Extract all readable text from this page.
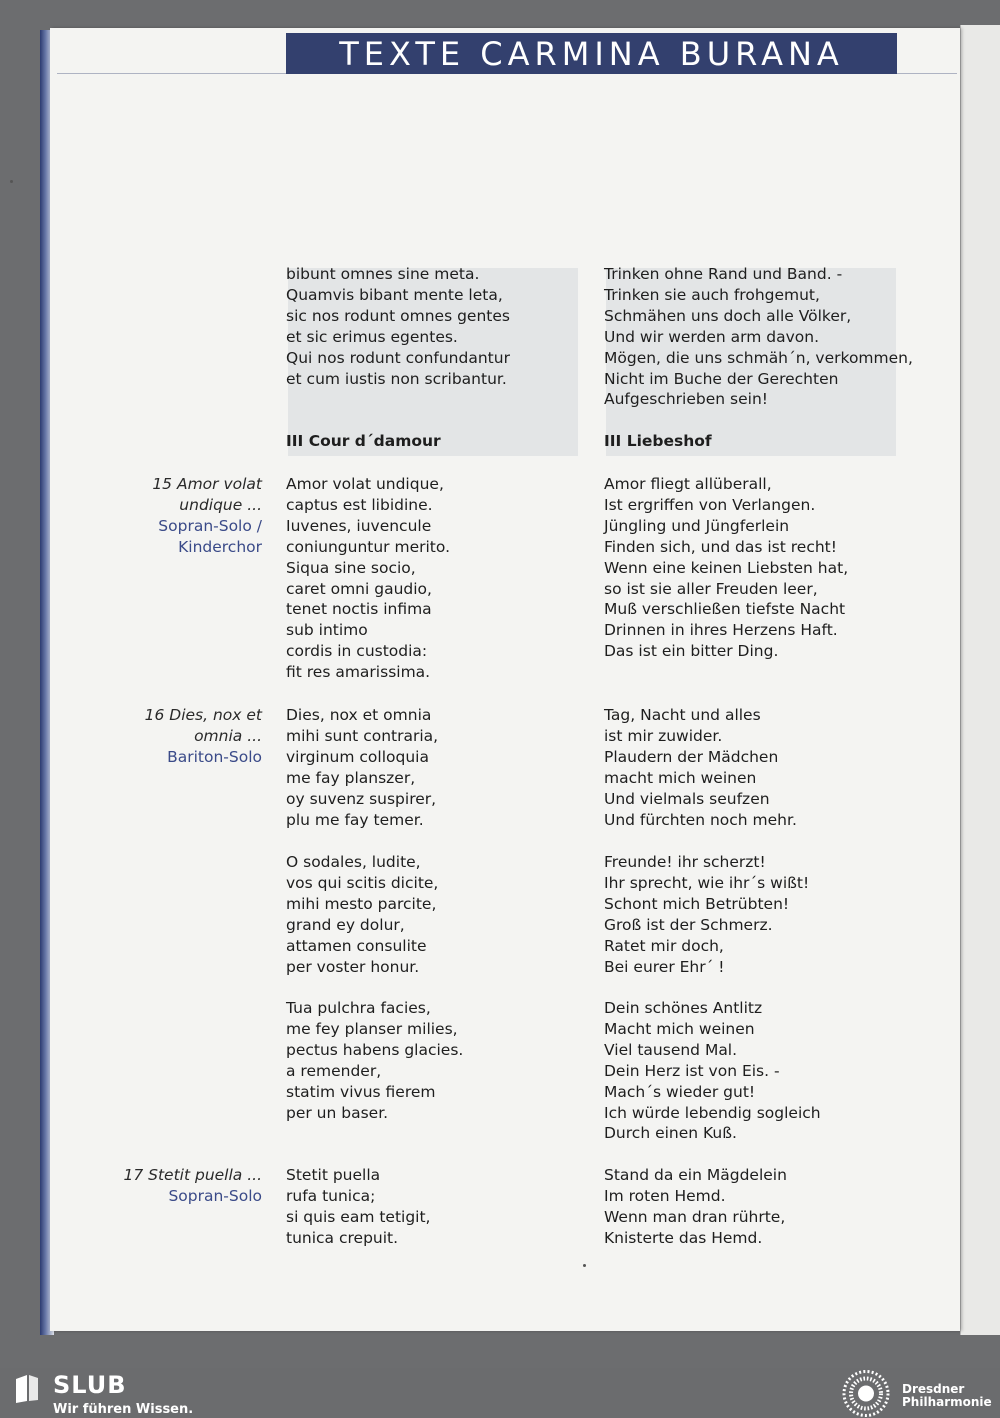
TEXTE CARMINA BURANA
15 Amor volat
undique ...
Sopran-Solo /
Kinderchor
16 Dies, nox et
omnia ...
Bariton-Solo
17 Stetit puella ...
Sopran-Solo
bibunt omnes sine meta.
Quamvis bibant mente leta,
sic nos rodunt omnes gentes
et sic erimus egentes.
Qui nos rodunt confundantur
et cum iustis non scribantur.
III Cour d´damour
Amor volat undique,
captus est libidine.
Iuvenes, iuvencule
coniunguntur merito.
Siqua sine socio,
caret omni gaudio,
tenet noctis infima
sub intimo
cordis in custodia:
fit res amarissima.
Dies, nox et omnia
mihi sunt contraria,
virginum colloquia
me fay planszer,
oy suvenz suspirer,
plu me fay temer.
O sodales, ludite,
vos qui scitis dicite,
mihi mesto parcite,
grand ey dolur,
attamen consulite
per voster honur.
Tua pulchra facies,
me fey planser milies,
pectus habens glacies.
a remender,
statim vivus fierem
per un baser.
Stetit puella
rufa tunica;
si quis eam tetigit,
tunica crepuit.
Trinken ohne Rand und Band. -
Trinken sie auch frohgemut,
Schmähen uns doch alle Völker,
Und wir werden arm davon.
Mögen, die uns schmäh´n, verkommen,
Nicht im Buche der Gerechten
Aufgeschrieben sein!
III Liebeshof
Amor fliegt allüberall,
Ist ergriffen von Verlangen.
Jüngling und Jüngferlein
Finden sich, und das ist recht!
Wenn eine keinen Liebsten hat,
so ist sie aller Freuden leer,
Muß verschließen tiefste Nacht
Drinnen in ihres Herzens Haft.
Das ist ein bitter Ding.
Tag, Nacht und alles
ist mir zuwider.
Plaudern der Mädchen
macht mich weinen
Und vielmals seufzen
Und fürchten noch mehr.
Freunde! ihr scherzt!
Ihr sprecht, wie ihr´s wißt!
Schont mich Betrübten!
Groß ist der Schmerz.
Ratet mir doch,
Bei eurer Ehr´ !
Dein schönes Antlitz
Macht mich weinen
Viel tausend Mal.
Dein Herz ist von Eis. -
Mach´s wieder gut!
Ich würde lebendig sogleich
Durch einen Kuß.
Stand da ein Mägdelein
Im roten Hemd.
Wenn man dran rührte,
Knisterte das Hemd.
SLUB
Wir führen Wissen.
Dresdner
Philharmonie
